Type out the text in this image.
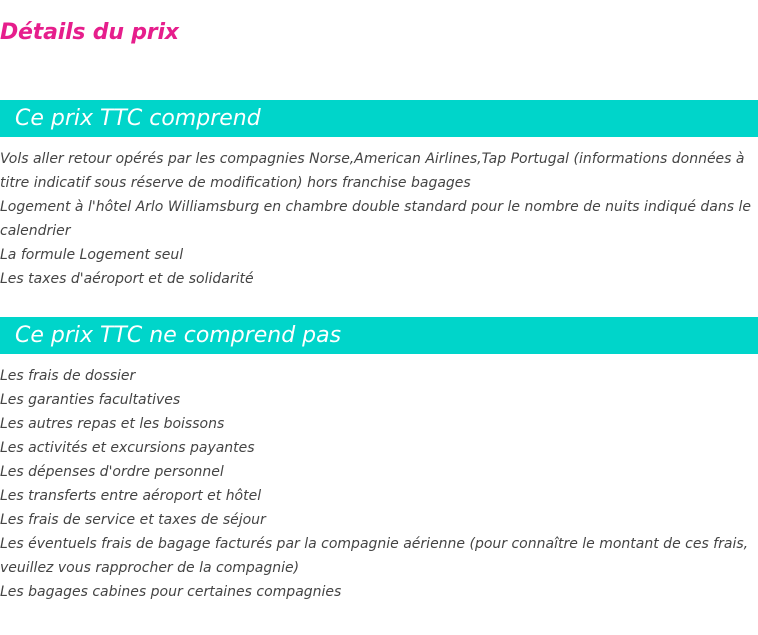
Détails du prix
Ce prix TTC comprend
Vols aller retour opérés par les compagnies Norse,American Airlines,Tap Portugal (informations données à titre indicatif sous réserve de modification) hors franchise bagages
Logement à l'hôtel Arlo Williamsburg en chambre double standard pour le nombre de nuits indiqué dans le calendrier
La formule Logement seul
Les taxes d'aéroport et de solidarité
Ce prix TTC ne comprend pas
Les frais de dossier
Les garanties facultatives
Les autres repas et les boissons
Les activités et excursions payantes
Les dépenses d'ordre personnel
Les transferts entre aéroport et hôtel
Les frais de service et taxes de séjour
Les éventuels frais de bagage facturés par la compagnie aérienne (pour connaître le montant de ces frais, veuillez vous rapprocher de la compagnie)
Les bagages cabines pour certaines compagnies
